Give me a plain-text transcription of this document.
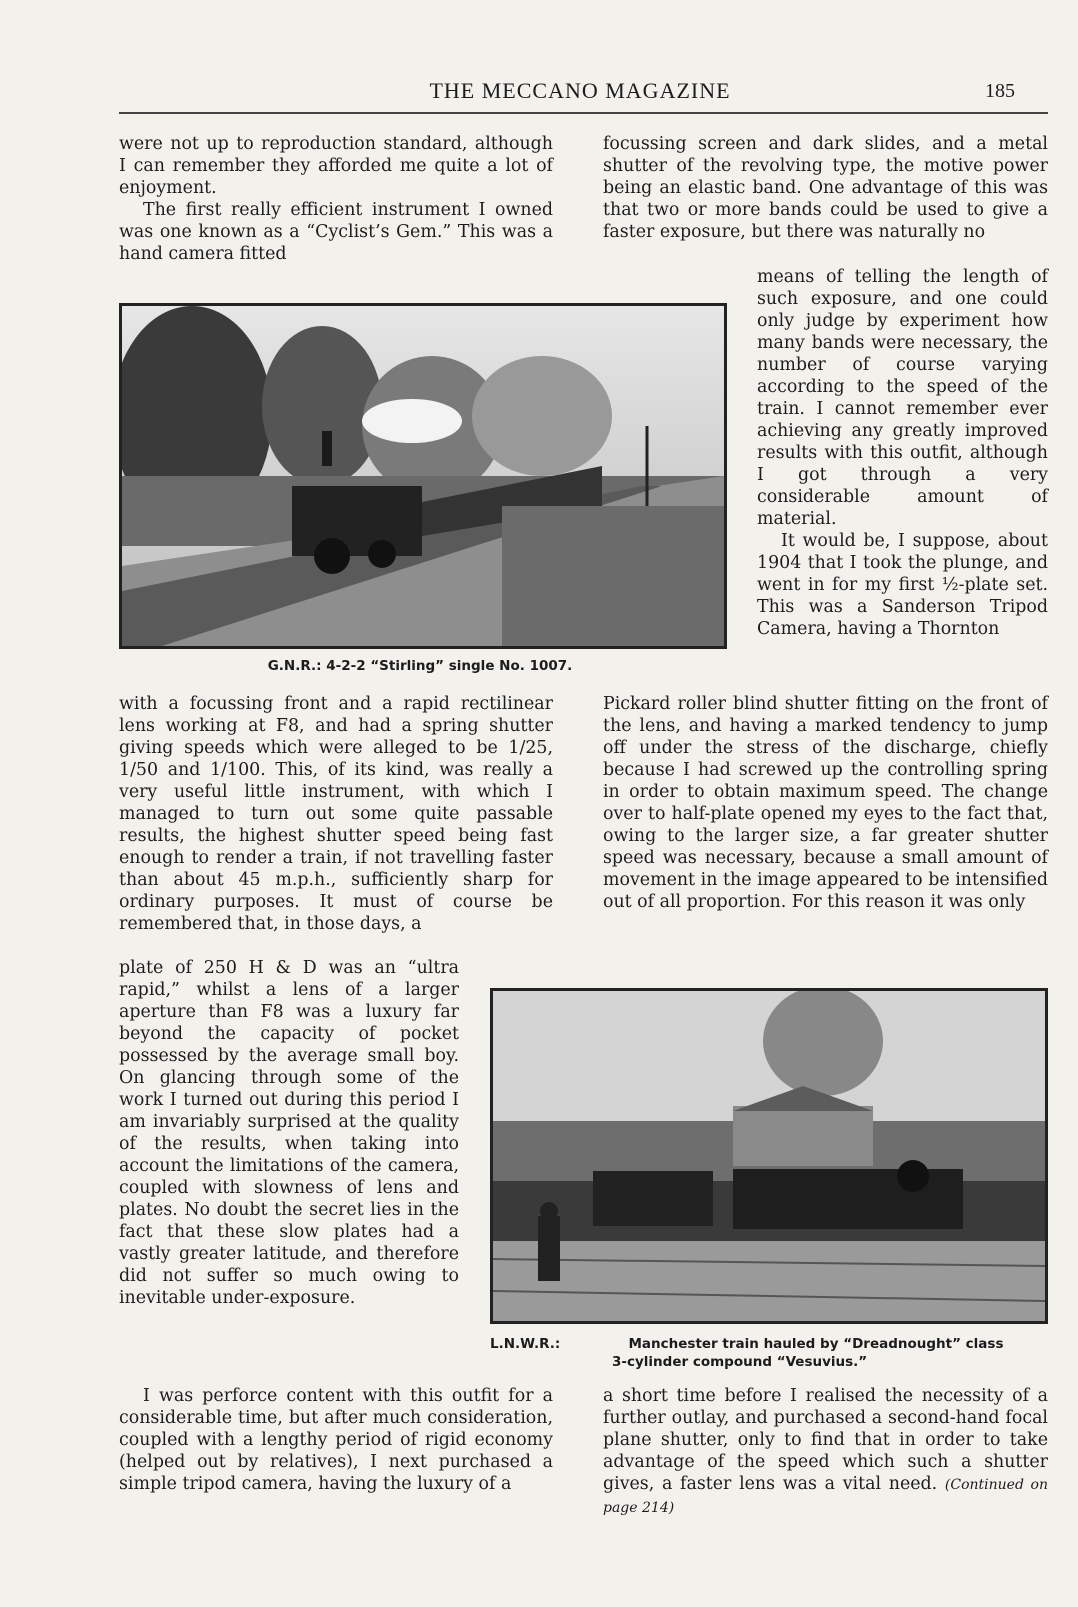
THE MECCANO MAGAZINE	185

were not up to reproduction standard, although I can remember they afforded me quite a lot of enjoyment.

The first really efficient instrument I owned was one known as a “Cyclist’s Gem.” This was a hand camera fitted

G.N.R.: 4-2-2 “Stirling” single No. 1007.

with a focussing front and a rapid rectilinear lens working at F8, and had a spring shutter giving speeds which were alleged to be 1/25, 1/50 and 1/100. This, of its kind, was really a very useful little instrument, with which I managed to turn out some quite passable results, the highest shutter speed being fast enough to render a train, if not travelling faster than about 45 m.p.h., sufficiently sharp for ordinary purposes. It must of course be remembered that, in those days, a

plate of 250 H & D was an “ultra rapid,” whilst a lens of a larger aperture than F8 was a luxury far beyond the capacity of pocket possessed by the average small boy. On glancing through some of the work I turned out during this period I am invariably surprised at the quality of the results, when taking into account the limitations of the camera, coupled with slowness of lens and plates. No doubt the secret lies in the fact that these slow plates had a vastly greater latitude, and therefore did not suffer so much owing to inevitable under-exposure.

I was perforce content with this outfit for a considerable time, but after much consideration, coupled with a lengthy period of rigid economy (helped out by relatives), I next purchased a simple tripod camera, having the luxury of a

focussing screen and dark slides, and a metal shutter of the revolving type, the motive power being an elastic band. One advantage of this was that two or more bands could be used to give a faster exposure, but there was naturally no

means of telling the length of such exposure, and one could only judge by experiment how many bands were necessary, the number of course varying according to the speed of the train. I cannot remember ever achieving any greatly improved results with this outfit, although I got through a very considerable amount of material.

It would be, I suppose, about 1904 that I took the plunge, and went in for my first ½-plate set. This was a Sanderson Tripod Camera, having a Thornton

Pickard roller blind shutter fitting on the front of the lens, and having a marked tendency to jump off under the stress of the discharge, chiefly because I had screwed up the controlling spring in order to obtain maximum speed. The change over to half-plate opened my eyes to the fact that, owing to the larger size, a far greater shutter speed was necessary, because a small amount of movement in the image appeared to be intensified out of all proportion. For this reason it was only

L.N.W.R.:	Manchester train hauled by “Dreadnought” class
3-cylinder compound “Vesuvius.”

a short time before I realised the necessity of a further outlay, and purchased a second-hand focal plane shutter, only to find that in order to take advantage of the speed which such a shutter gives, a faster lens was a vital need. (Continued on page 214)
